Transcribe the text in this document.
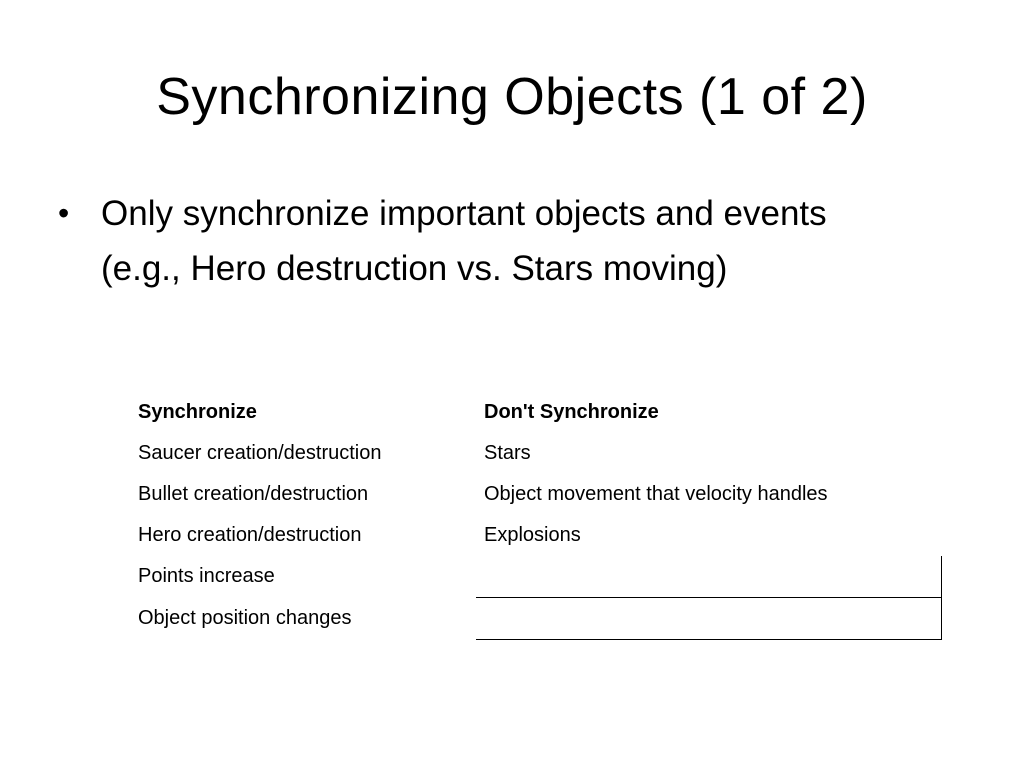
Synchronizing Objects (1 of 2)
• Only synchronize important objects and events (e.g., Hero destruction vs. Stars moving)
Synchronize	Don't Synchronize
Saucer creation/destruction	Stars
Bullet creation/destruction	Object movement that velocity handles
Hero creation/destruction	Explosions
Points increase	
Object position changes	
